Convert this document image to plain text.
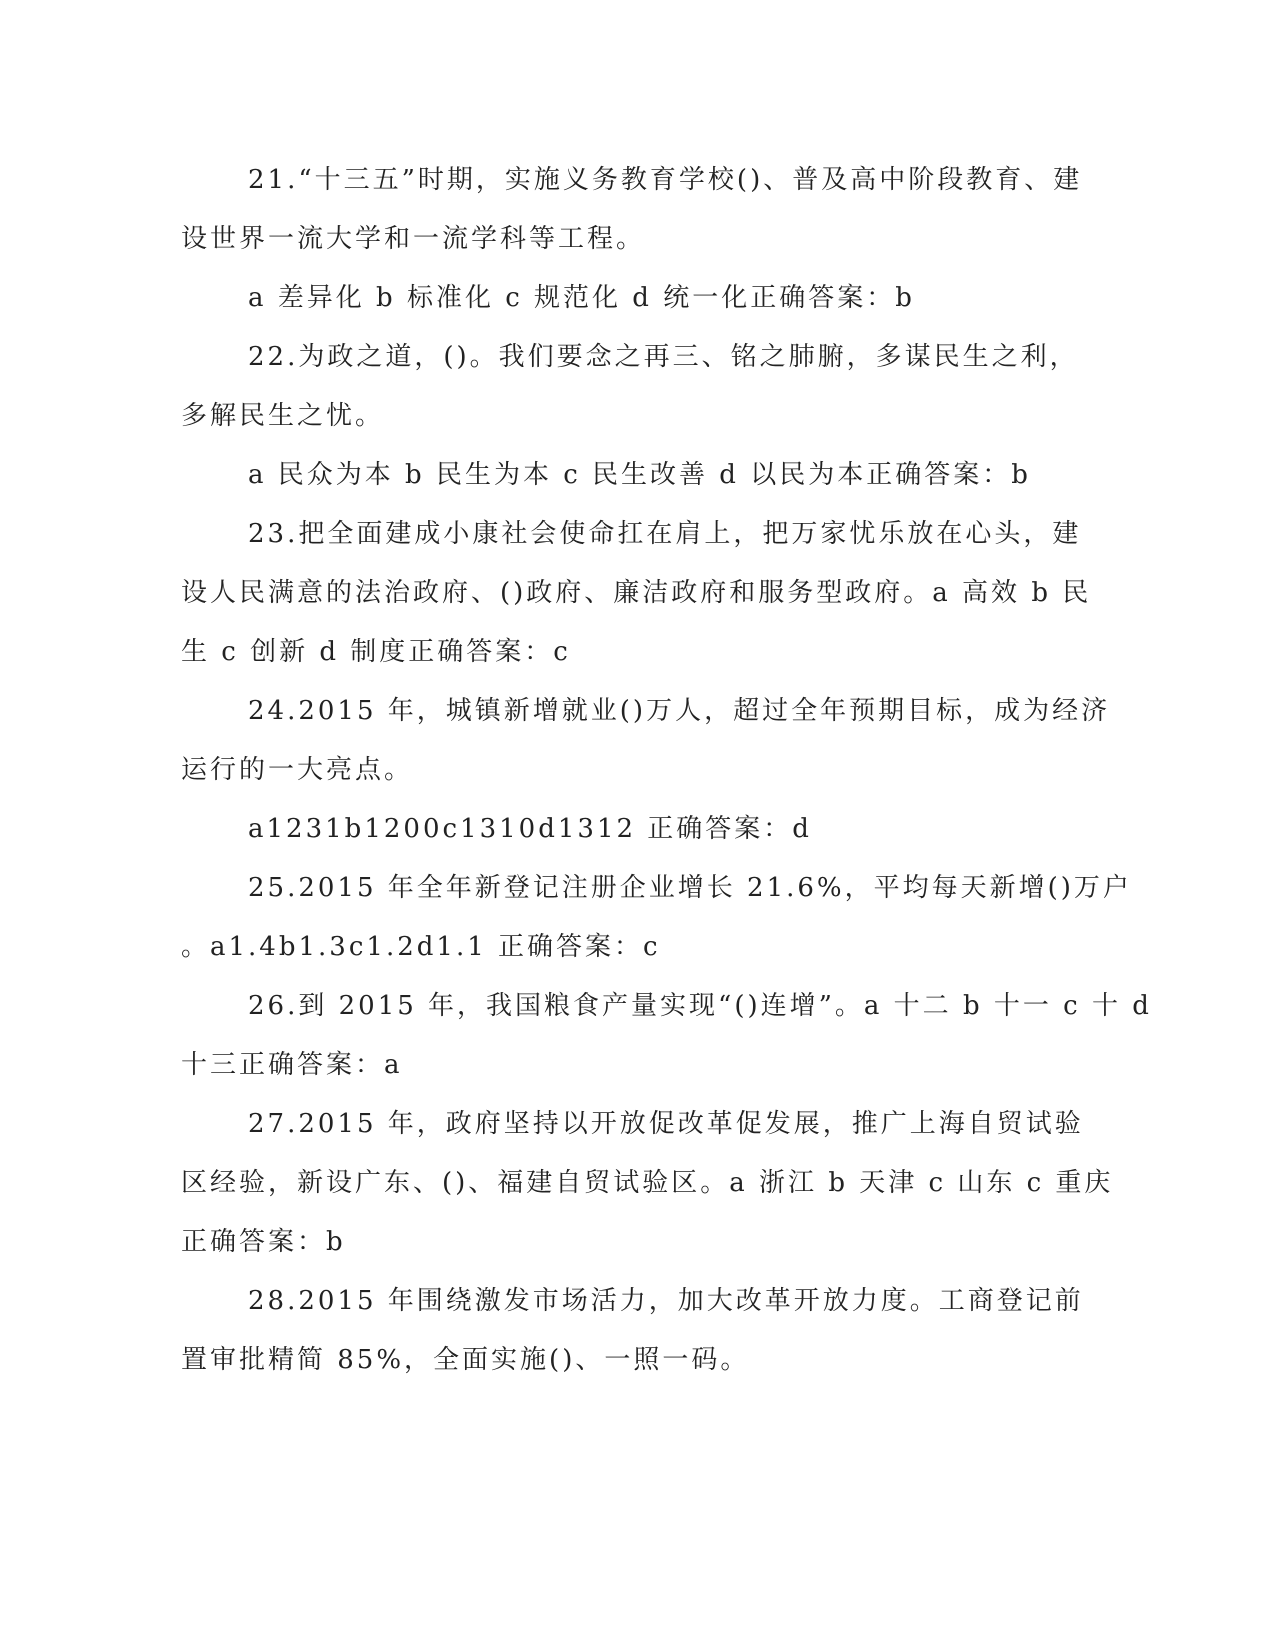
21.“十三五”时期，实施义务教育学校()、普及高中阶段教育、建

设世界一流大学和一流学科等工程。

a 差异化 b 标准化 c 规范化 d 统一化正确答案：b

22.为政之道，()。我们要念之再三、铭之肺腑，多谋民生之利，

多解民生之忧。

a 民众为本 b 民生为本 c 民生改善 d 以民为本正确答案：b

23.把全面建成小康社会使命扛在肩上，把万家忧乐放在心头，建

设人民满意的法治政府、()政府、廉洁政府和服务型政府。a 高效 b 民

生 c 创新 d 制度正确答案：c

24.2015 年，城镇新增就业()万人，超过全年预期目标，成为经济

运行的一大亮点。

a1231b1200c1310d1312 正确答案：d

25.2015 年全年新登记注册企业增长 21.6%，平均每天新增()万户

。a1.4b1.3c1.2d1.1 正确答案：c

26.到 2015 年，我国粮食产量实现“()连增”。a 十二 b 十一 c 十 d

十三正确答案：a

27.2015 年，政府坚持以开放促改革促发展，推广上海自贸试验

区经验，新设广东、()、福建自贸试验区。a 浙江 b 天津 c 山东 c 重庆

正确答案：b

28.2015 年围绕激发市场活力，加大改革开放力度。工商登记前

置审批精简 85%，全面实施()、一照一码。
